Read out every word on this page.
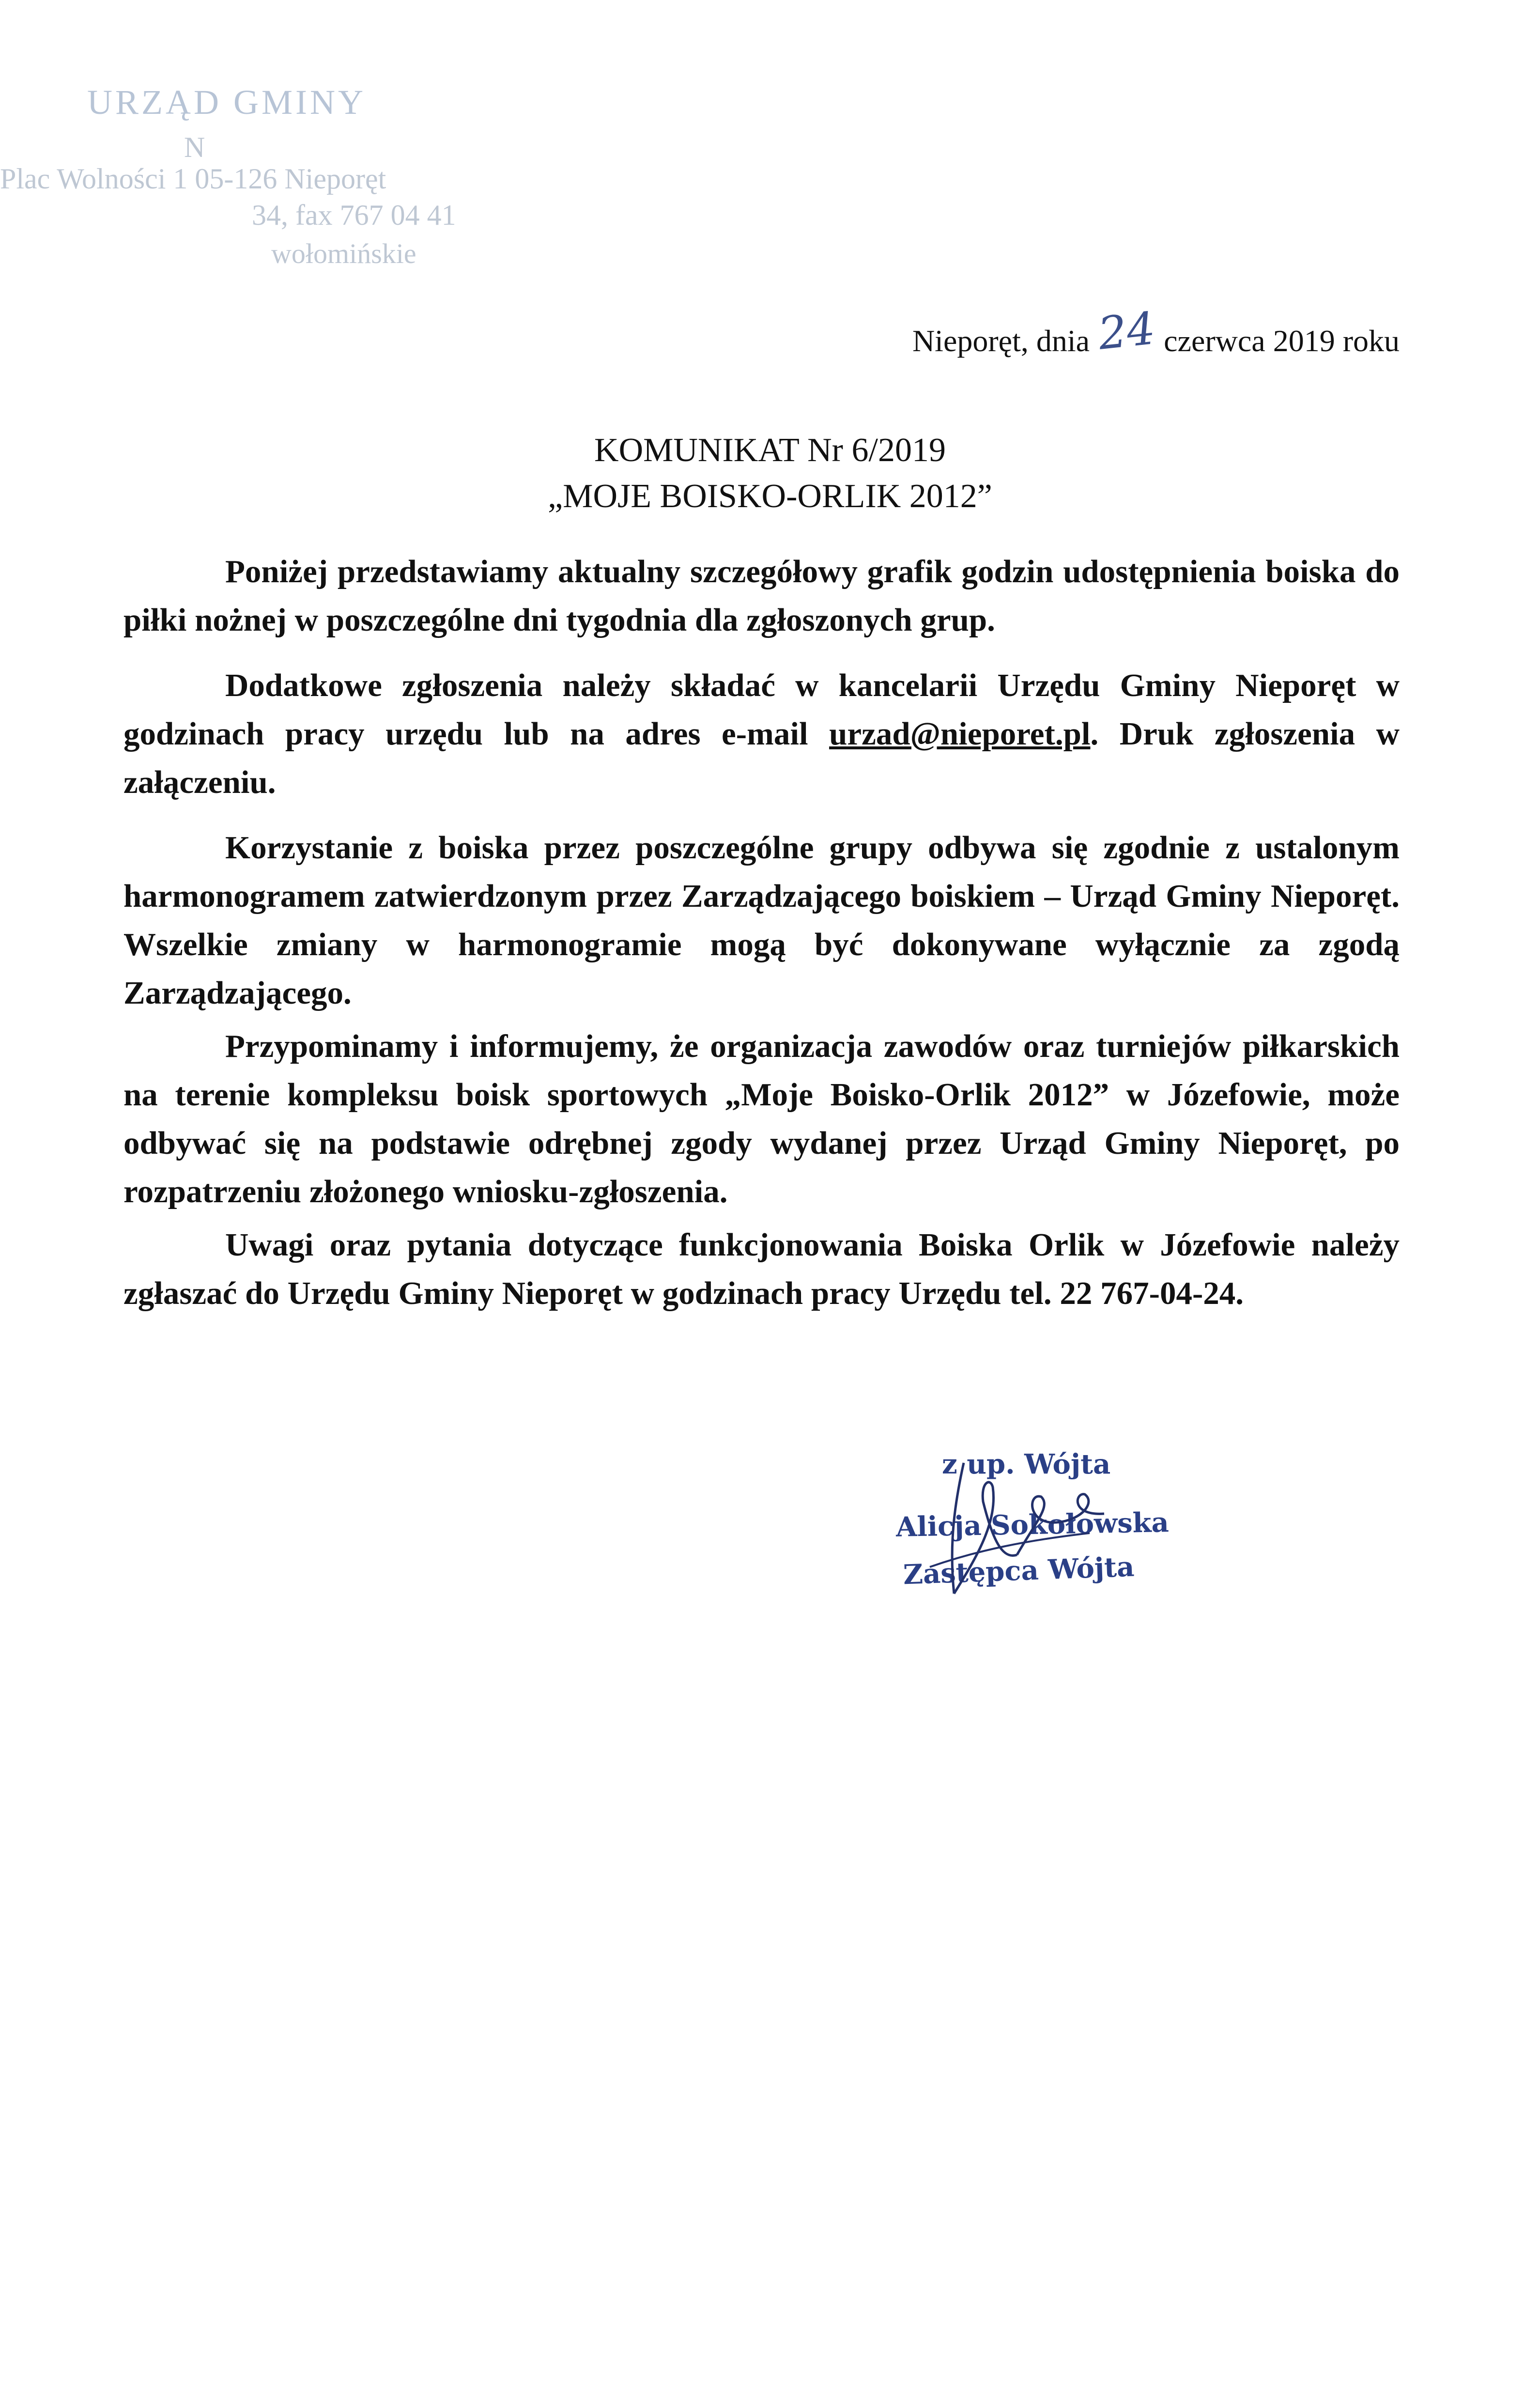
URZĄD GMINY
N
Plac Wolności 1 05-126 Nieporęt
34, fax 767 04 41
wołomińskie
Nieporęt, dnia 24 czerwca 2019 roku
KOMUNIKAT Nr 6/2019
„MOJE BOISKO-ORLIK 2012”

Poniżej przedstawiamy aktualny szczegółowy grafik godzin udostępnienia boiska do piłki nożnej w poszczególne dni tygodnia dla zgłoszonych grup.

Dodatkowe zgłoszenia należy składać w kancelarii Urzędu Gminy Nieporęt w godzinach pracy urzędu lub na adres e-mail urzad@nieporet.pl. Druk zgłoszenia w załączeniu.

Korzystanie z boiska przez poszczególne grupy odbywa się zgodnie z ustalonym harmonogramem zatwierdzonym przez Zarządzającego boiskiem – Urząd Gminy Nieporęt. Wszelkie zmiany w harmonogramie mogą być dokonywane wyłącznie za zgodą Zarządzającego.

Przypominamy i informujemy, że organizacja zawodów oraz turniejów piłkarskich na terenie kompleksu boisk sportowych „Moje Boisko-Orlik 2012” w Józefowie, może odbywać się na podstawie odrębnej zgody wydanej przez Urząd Gminy Nieporęt, po rozpatrzeniu złożonego wniosku-zgłoszenia.

Uwagi oraz pytania dotyczące funkcjonowania Boiska Orlik w Józefowie należy zgłaszać do Urzędu Gminy Nieporęt w godzinach pracy Urzędu tel. 22 767-04-24.

z up. Wójta
Alicja Sokołowska
Zastępca Wójta
